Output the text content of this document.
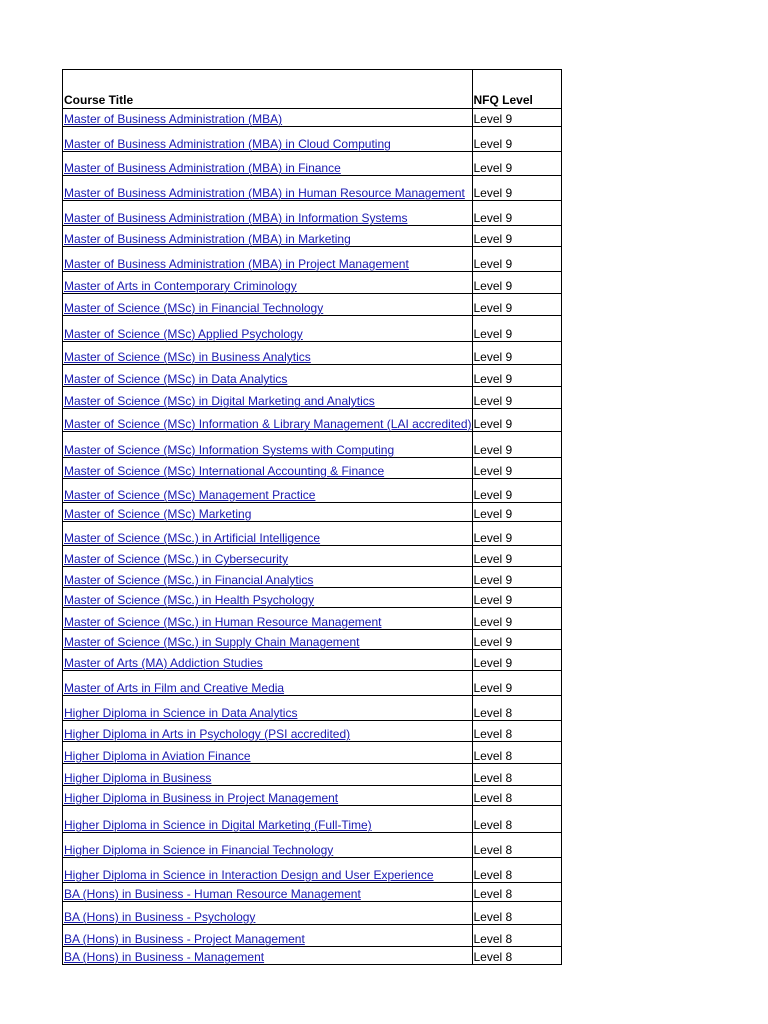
Course Title	NFQ Level
Master of Business Administration (MBA)	Level 9
Master of Business Administration (MBA) in Cloud Computing	Level 9
Master of Business Administration (MBA) in Finance	Level 9
Master of Business Administration (MBA) in Human Resource Management	Level 9
Master of Business Administration (MBA) in Information Systems	Level 9
Master of Business Administration (MBA) in Marketing	Level 9
Master of Business Administration (MBA) in Project Management	Level 9
Master of Arts in Contemporary Criminology	Level 9
Master of Science (MSc) in Financial Technology	Level 9
Master of Science (MSc) Applied Psychology	Level 9
Master of Science (MSc) in Business Analytics	Level 9
Master of Science (MSc) in Data Analytics	Level 9
Master of Science (MSc) in Digital Marketing and Analytics	Level 9
Master of Science (MSc) Information & Library Management (LAI accredited)	Level 9
Master of Science (MSc) Information Systems with Computing	Level 9
Master of Science (MSc) International Accounting & Finance	Level 9
Master of Science (MSc) Management Practice	Level 9
Master of Science (MSc) Marketing	Level 9
Master of Science (MSc.) in Artificial Intelligence	Level 9
Master of Science (MSc.) in Cybersecurity	Level 9
Master of Science (MSc.) in Financial Analytics	Level 9
Master of Science (MSc.) in Health Psychology	Level 9
Master of Science (MSc.) in Human Resource Management	Level 9
Master of Science (MSc.) in Supply Chain Management	Level 9
Master of Arts (MA) Addiction Studies	Level 9
Master of Arts in Film and Creative Media	Level 9
Higher Diploma in Science in Data Analytics	Level 8
Higher Diploma in Arts in Psychology (PSI accredited)	Level 8
Higher Diploma in Aviation Finance	Level 8
Higher Diploma in Business	Level 8
Higher Diploma in Business in Project Management	Level 8
Higher Diploma in Science in Digital Marketing (Full-Time)	Level 8
Higher Diploma in Science in Financial Technology	Level 8
Higher Diploma in Science in Interaction Design and User Experience	Level 8
BA (Hons) in Business - Human Resource Management	Level 8
BA (Hons) in Business - Psychology	Level 8
BA (Hons) in Business - Project Management	Level 8
BA (Hons) in Business - Management	Level 8
